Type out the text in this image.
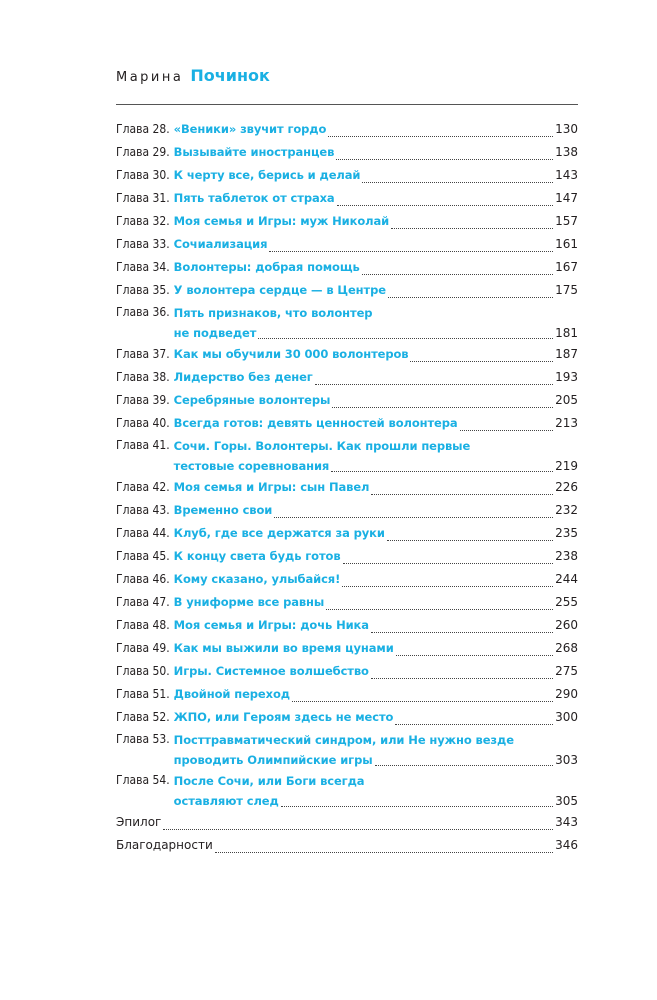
Марина Починок
Глава 28. «Веники» звучит гордо	130
Глава 29. Вызывайте иностранцев	138
Глава 30. К черту все, берись и делай	143
Глава 31. Пять таблеток от страха	147
Глава 32. Моя семья и Игры: муж Николай	157
Глава 33. Сочиализация	161
Глава 34. Волонтеры: добрая помощь	167
Глава 35. У волонтера сердце — в Центре	175
Глава 36. Пять признаков, что волонтер
не подведет	181
Глава 37. Как мы обучили 30 000 волонтеров	187
Глава 38. Лидерство без денег	193
Глава 39. Серебряные волонтеры	205
Глава 40. Всегда готов: девять ценностей волонтера	213
Глава 41. Сочи. Горы. Волонтеры. Как прошли первые
тестовые соревнования	219
Глава 42. Моя семья и Игры: сын Павел	226
Глава 43. Временно свои	232
Глава 44. Клуб, где все держатся за руки	235
Глава 45. К концу света будь готов	238
Глава 46. Кому сказано, улыбайся!	244
Глава 47. В униформе все равны	255
Глава 48. Моя семья и Игры: дочь Ника	260
Глава 49. Как мы выжили во время цунами	268
Глава 50. Игры. Системное волшебство	275
Глава 51. Двойной переход	290
Глава 52. ЖПО, или Героям здесь не место	300
Глава 53. Посттравматический синдром, или Не нужно везде
проводить Олимпийские игры	303
Глава 54. После Сочи, или Боги всегда
оставляют след	305
Эпилог	343
Благодарности	346
